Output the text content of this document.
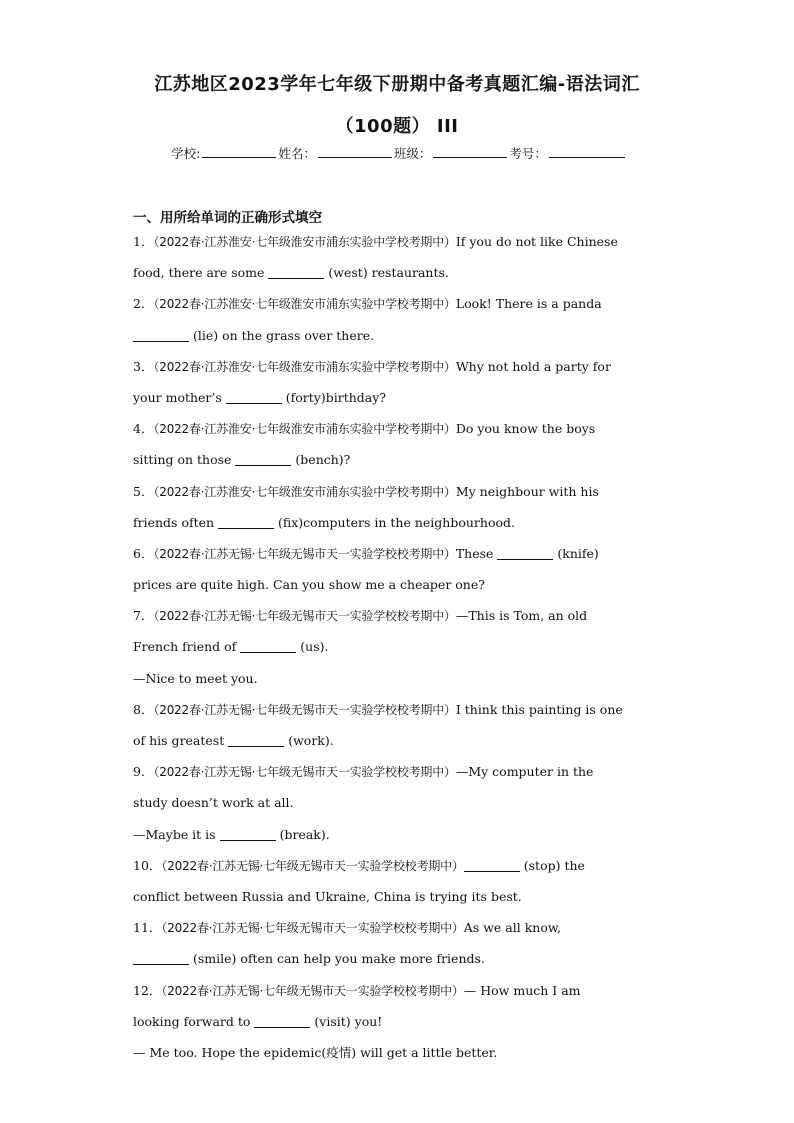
江苏地区2023学年七年级下册期中备考真题汇编-语法词汇
（100题） III
学校:	姓名：	班级：	考号：
一、用所给单词的正确形式填空
1．（2022春·江苏淮安·七年级淮安市浦东实验中学校考期中）If you do not like Chinese
food, there are some	(west) restaurants.
2．（2022春·江苏淮安·七年级淮安市浦东实验中学校考期中）Look! There is a panda
(lie) on the grass over there.
3．（2022春·江苏淮安·七年级淮安市浦东实验中学校考期中）Why not hold a party for
your mother’s	(forty)birthday?
4．（2022春·江苏淮安·七年级淮安市浦东实验中学校考期中）Do you know the boys
sitting on those	(bench)?
5．（2022春·江苏淮安·七年级淮安市浦东实验中学校考期中）My neighbour with his
friends often	(fix)computers in the neighbourhood.
6．（2022春·江苏无锡·七年级无锡市天一实验学校校考期中）These	(knife)
prices are quite high. Can you show me a cheaper one?
7．（2022春·江苏无锡·七年级无锡市天一实验学校校考期中）—This is Tom, an old
French friend of	(us).
—Nice to meet you.
8．（2022春·江苏无锡·七年级无锡市天一实验学校校考期中）I think this painting is one
of his greatest	(work).
9．（2022春·江苏无锡·七年级无锡市天一实验学校校考期中）—My computer in the
study doesn’t work at all.
—Maybe it is	(break).
10．（2022春·江苏无锡·七年级无锡市天一实验学校校考期中）	(stop) the
conflict between Russia and Ukraine, China is trying its best.
11．（2022春·江苏无锡·七年级无锡市天一实验学校校考期中）As we all know,
(smile) often can help you make more friends.
12．（2022春·江苏无锡·七年级无锡市天一实验学校校考期中）— How much I am
looking forward to	(visit) you!
— Me too. Hope the epidemic(疫情) will get a little better.
